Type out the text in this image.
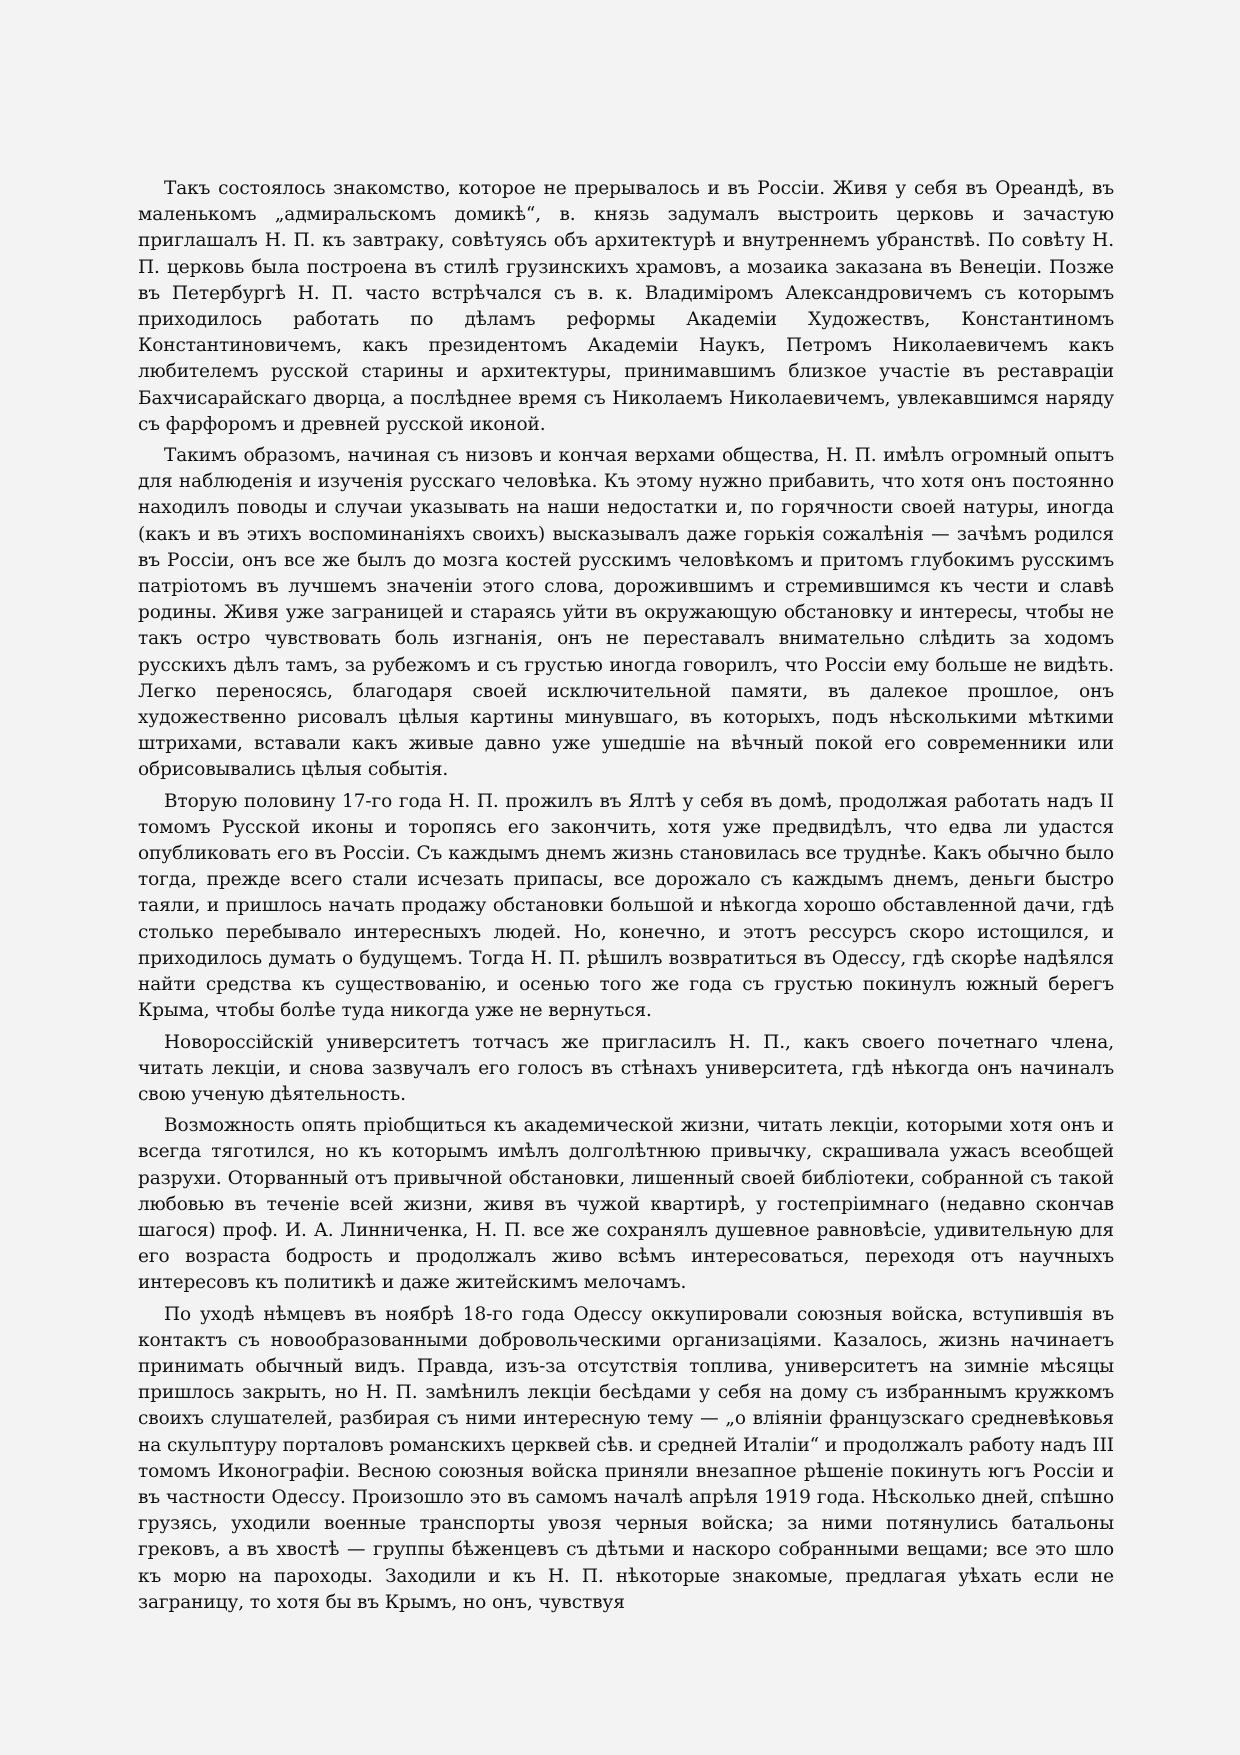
Такъ состоялось знакомство, которое не прерывалось и въ Россіи. Живя у себя въ Ореандѣ, въ маленькомъ „адмиральскомъ домикѣ“, в. князь задумалъ выстроить церковь и зачастую приглашалъ Н. П. къ завтраку, совѣтуясь объ архитектурѣ и внутреннемъ убранствѣ. По совѣту Н. П. церковь была построена въ стилѣ грузинскихъ храмовъ, а мозаика заказана въ Венеціи. Позже въ Петербургѣ Н. П. часто встрѣчался съ в. к. Владиміромъ Александровичемъ съ которымъ приходилось работать по дѣламъ реформы Академіи Художествъ, Константиномъ Константиновичемъ, какъ президентомъ Академіи Наукъ, Петромъ Николаевичемъ какъ любителемъ русской старины и архитектуры, принимавшимъ близкое участіе въ реставраціи Бахчисарайскаго дворца, а послѣднее время съ Николаемъ Николаевичемъ, увлекавшимся наряду съ фарфоромъ и древней русской иконой.

Такимъ образомъ, начиная съ низовъ и кончая верхами общества, Н. П. имѣлъ огромный опытъ для наблюденія и изученія русскаго человѣка. Къ этому нужно прибавить, что хотя онъ постоянно находилъ поводы и случаи указывать на наши недостатки и, по горячности своей натуры, иногда (какъ и въ этихъ воспоминаніяхъ своихъ) высказывалъ даже горькія сожалѣнія — зачѣмъ родился въ Россіи, онъ все же былъ до мозга костей русскимъ человѣкомъ и притомъ глубокимъ русскимъ патріотомъ въ лучшемъ значеніи этого слова, дорожившимъ и стремившимся къ чести и славѣ родины. Живя уже заграницей и стараясь уйти въ окружающую обстановку и интересы, чтобы не такъ остро чувствовать боль изгнанія, онъ не переставалъ внимательно слѣдить за ходомъ русскихъ дѣлъ тамъ, за рубежомъ и съ грустью иногда говорилъ, что Россіи ему больше не видѣть. Легко переносясь, благодаря своей исключительной памяти, въ далекое прошлое, онъ художественно рисовалъ цѣлыя картины минувшаго, въ которыхъ, подъ нѣсколькими мѣткими штрихами, вставали какъ живые давно уже ушедшіе на вѣчный покой его современники или обрисовывались цѣлыя событія.

Вторую половину 17-го года Н. П. прожилъ въ Ялтѣ у себя въ домѣ, продолжая работать надъ II томомъ Русской иконы и торопясь его закончить, хотя уже предвидѣлъ, что едва ли удастся опубликовать его въ Россіи. Съ каждымъ днемъ жизнь становилась все труднѣе. Какъ обычно было тогда, прежде всего стали исчезать припасы, все дорожало съ каждымъ днемъ, деньги быстро таяли, и пришлось начать продажу обстановки большой и нѣкогда хорошо обставленной дачи, гдѣ столько перебывало интересныхъ людей. Но, конечно, и этотъ рессурсъ скоро истощился, и приходилось думать о будущемъ. Тогда Н. П. рѣшилъ возвратиться въ Одессу, гдѣ скорѣе надѣялся найти средства къ существованію, и осенью того же года съ грустью покинулъ южный берегъ Крыма, чтобы болѣе туда никогда уже не вернуться.

Новороссійскій университетъ тотчасъ же пригласилъ Н. П., какъ своего почетнаго члена, читать лекціи, и снова зазвучалъ его голосъ въ стѣнахъ университета, гдѣ нѣкогда онъ начиналъ свою ученую дѣятельность.

Возможность опять пріобщиться къ академической жизни, читать лекціи, которыми хотя онъ и всегда тяготился, но къ которымъ имѣлъ долголѣтнюю привычку, скрашивала ужасъ всеобщей разрухи. Оторванный отъ привычной обстановки, лишенный своей библіотеки, собранной съ такой любовью въ теченіе всей жизни, живя въ чужой квартирѣ, у гостепріимнаго (недавно скончав шагося) проф. И. А. Линниченка, Н. П. все же сохранялъ душевное равновѣсіе, удивительную для его возраста бодрость и продолжалъ живо всѣмъ интересоваться, переходя отъ научныхъ интересовъ къ политикѣ и даже житейскимъ мелочамъ.

По уходѣ нѣмцевъ въ ноябрѣ 18-го года Одессу оккупировали союзныя войска, вступившія въ контактъ съ новообразованными добровольческими организаціями. Казалось, жизнь начинаетъ принимать обычный видъ. Правда, изъ-за отсутствія топлива, университетъ на зимніе мѣсяцы пришлось закрыть, но Н. П. замѣнилъ лекціи бесѣдами у себя на дому съ избраннымъ кружкомъ своихъ слушателей, разбирая съ ними интересную тему — „о вліяніи французскаго средневѣковья на скульптуру порталовъ романскихъ церквей сѣв. и средней Италіи“ и продолжалъ работу надъ III томомъ Иконографіи. Весною союзныя войска приняли внезапное рѣшеніе покинуть югъ Россіи и въ частности Одессу. Произошло это въ самомъ началѣ апрѣля 1919 года. Нѣсколько дней, спѣшно грузясь, уходили военные транспорты увозя черныя войска; за ними потянулись батальоны грековъ, а въ хвостѣ — группы бѣженцевъ съ дѣтьми и наскоро собранными вещами; все это шло къ морю на пароходы. Заходили и къ Н. П. нѣкоторые знакомые, предлагая уѣхать если не заграницу, то хотя бы въ Крымъ, но онъ, чувствуя
